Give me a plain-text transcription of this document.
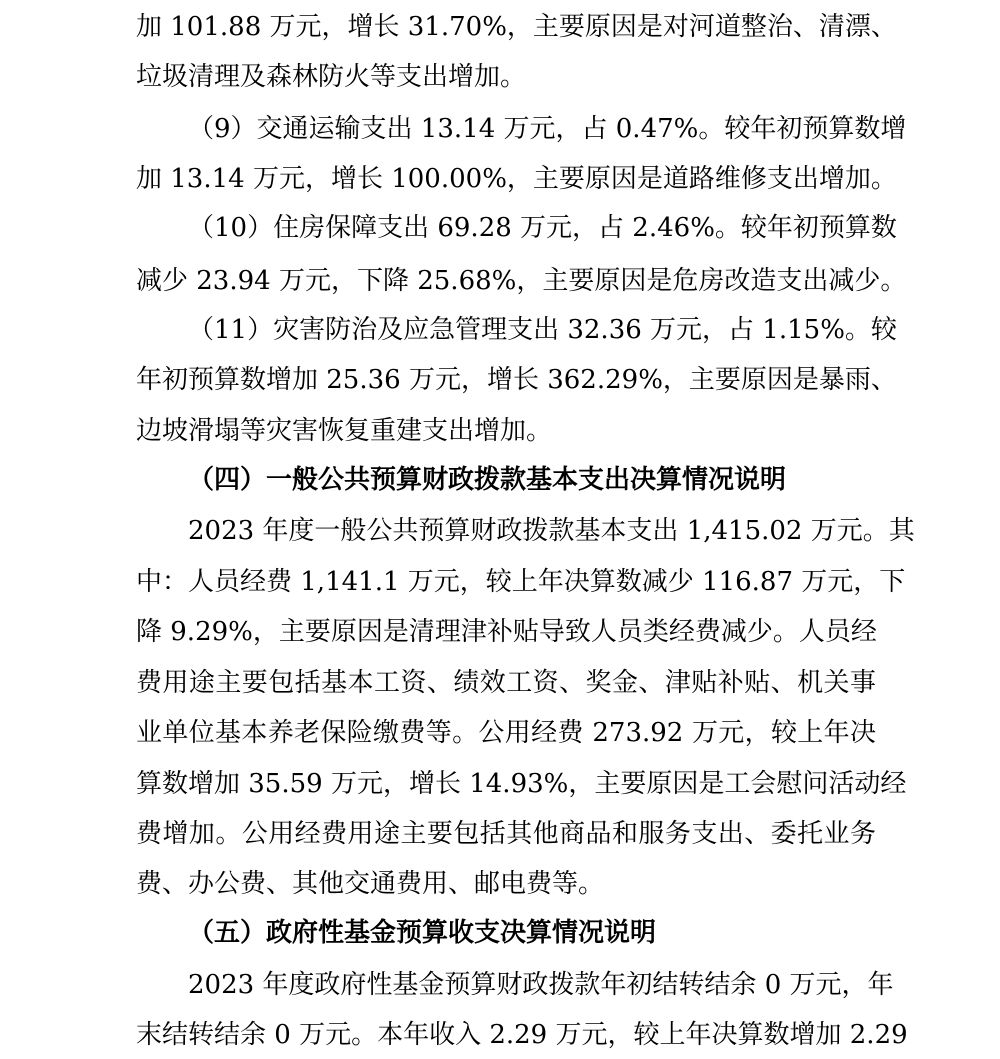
加 101.88 万元，增长 31.70%，主要原因是对河道整治、清漂、
垃圾清理及森林防火等支出增加。
（9）交通运输支出 13.14 万元，占 0.47%。较年初预算数增
加 13.14 万元，增长 100.00%，主要原因是道路维修支出增加。
（10）住房保障支出 69.28 万元，占 2.46%。较年初预算数
减少 23.94 万元，下降 25.68%，主要原因是危房改造支出减少。
（11）灾害防治及应急管理支出 32.36 万元，占 1.15%。较
年初预算数增加 25.36 万元，增长 362.29%，主要原因是暴雨、
边坡滑塌等灾害恢复重建支出增加。
（四）一般公共预算财政拨款基本支出决算情况说明
2023 年度一般公共预算财政拨款基本支出 1,415.02 万元。其
中：人员经费 1,141.1 万元，较上年决算数减少 116.87 万元，下
降 9.29%，主要原因是清理津补贴导致人员类经费减少。人员经
费用途主要包括基本工资、绩效工资、奖金、津贴补贴、机关事
业单位基本养老保险缴费等。公用经费 273.92 万元，较上年决
算数增加 35.59 万元，增长 14.93%，主要原因是工会慰问活动经
费增加。公用经费用途主要包括其他商品和服务支出、委托业务
费、办公费、其他交通费用、邮电费等。
（五）政府性基金预算收支决算情况说明
2023 年度政府性基金预算财政拨款年初结转结余 0 万元，年
末结转结余 0 万元。本年收入 2.29 万元，较上年决算数增加 2.29
